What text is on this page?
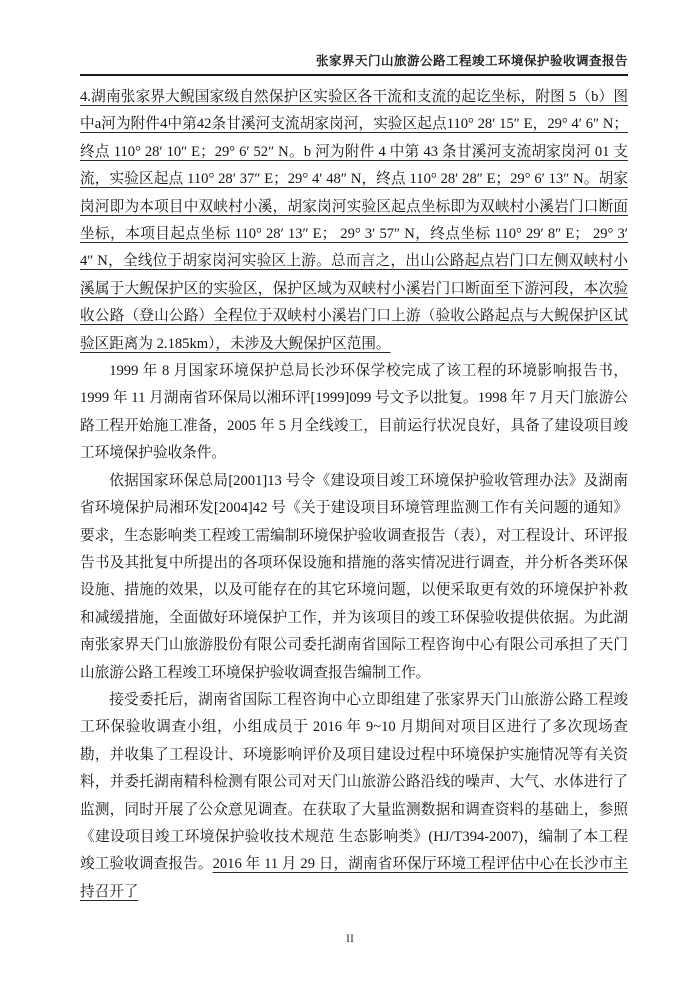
张家界天门山旅游公路工程竣工环境保护验收调查报告

4.湖南张家界大鲵国家级自然保护区实验区各干流和支流的起讫坐标，附图 5（b）图中a河为附件4中第42条甘溪河支流胡家岗河，实验区起点110° 28′ 15″ E，29° 4′ 6″ N；终点 110° 28′ 10″ E；29° 6′ 52″ N。b 河为附件 4 中第 43 条甘溪河支流胡家岗河 01 支流，实验区起点 110° 28′ 37″ E；29° 4′ 48″ N，终点 110° 28′ 28″ E；29° 6′ 13″ N。胡家岗河即为本项目中双峡村小溪，胡家岗河实验区起点坐标即为双峡村小溪岩门口断面坐标，本项目起点坐标 110° 28′ 13″ E； 29° 3′ 57″ N，终点坐标 110° 29′ 8″ E； 29° 3′ 4″ N，全线位于胡家岗河实验区上游。总而言之，出山公路起点岩门口左侧双峡村小溪属于大鲵保护区的实验区，保护区域为双峡村小溪岩门口断面至下游河段，本次验收公路（登山公路）全程位于双峡村小溪岩门口上游（验收公路起点与大鲵保护区试验区距离为 2.185km），未涉及大鲵保护区范围。

1999 年 8 月国家环境保护总局长沙环保学校完成了该工程的环境影响报告书，1999 年 11 月湖南省环保局以湘环评[1999]099 号文予以批复。1998 年 7 月天门旅游公路工程开始施工准备，2005 年 5 月全线竣工，目前运行状况良好，具备了建设项目竣工环境保护验收条件。

依据国家环保总局[2001]13 号令《建设项目竣工环境保护验收管理办法》及湖南省环境保护局湘环发[2004]42 号《关于建设项目环境管理监测工作有关问题的通知》要求，生态影响类工程竣工需编制环境保护验收调查报告（表），对工程设计、环评报告书及其批复中所提出的各项环保设施和措施的落实情况进行调查，并分析各类环保设施、措施的效果，以及可能存在的其它环境问题，以便采取更有效的环境保护补救和减缓措施，全面做好环境保护工作，并为该项目的竣工环保验收提供依据。为此湖南张家界天门山旅游股份有限公司委托湖南省国际工程咨询中心有限公司承担了天门山旅游公路工程竣工环境保护验收调查报告编制工作。

接受委托后，湖南省国际工程咨询中心立即组建了张家界天门山旅游公路工程竣工环保验收调查小组，小组成员于 2016 年 9~10 月期间对项目区进行了多次现场查勘，并收集了工程设计、环境影响评价及项目建设过程中环境保护实施情况等有关资料，并委托湖南精科检测有限公司对天门山旅游公路沿线的噪声、大气、水体进行了监测，同时开展了公众意见调查。在获取了大量监测数据和调查资料的基础上，参照《建设项目竣工环境保护验收技术规范 生态影响类》(HJ/T394-2007)，编制了本工程竣工验收调查报告。2016 年 11 月 29 日，湖南省环保厅环境工程评估中心在长沙市主持召开了

II
